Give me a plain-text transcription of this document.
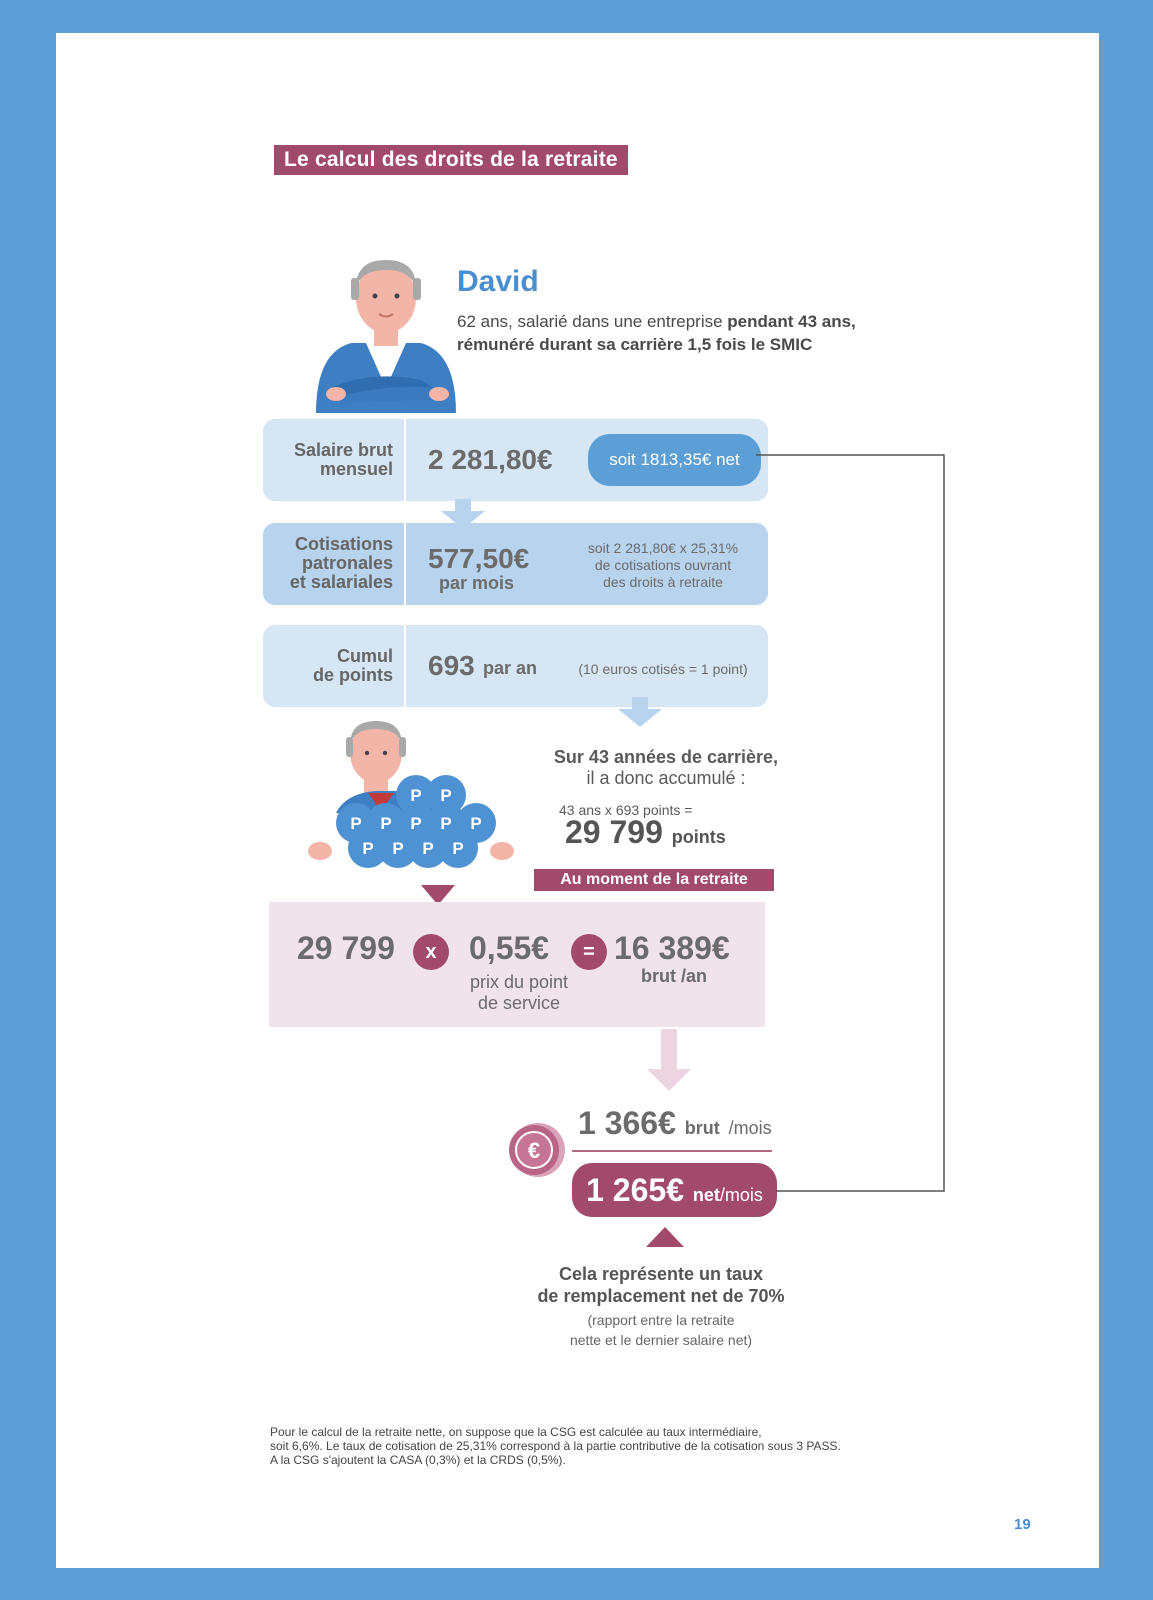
Le calcul des droits de la retraite
David
62 ans, salarié dans une entreprise pendant 43 ans,
rémunéré durant sa carrière 1,5 fois le SMIC
Salaire brut
mensuel 2 281,80€	soit 1813,35€ net
Cotisations
patronales
et salariales
577,50€
par mois
soit 2 281,80€ x 25,31%
de cotisations ouvrant
des droits à retraite
Cumul
de points 693 par an	(10 euros cotisés = 1 point)
P P
P P P P P
P P P P
Sur 43 années de carrière,
il a donc accumulé :
43 ans x 693 points =
29 799 points
Au moment de la retraite
29 799	x	0,55€	= 16 389€
prix du point
de service
brut /an
€
1 366€ brut /mois
1 265€ net/mois
Cela représente un taux
de remplacement net de 70%
(rapport entre la retraite
nette et le dernier salaire net)
Pour le calcul de la retraite nette, on suppose que la CSG est calculée au taux intermédiaire,
soit 6,6%. Le taux de cotisation de 25,31% correspond à la partie contributive de la cotisation sous 3 PASS.
A la CSG s'ajoutent la CASA (0,3%) et la CRDS (0,5%).
19
